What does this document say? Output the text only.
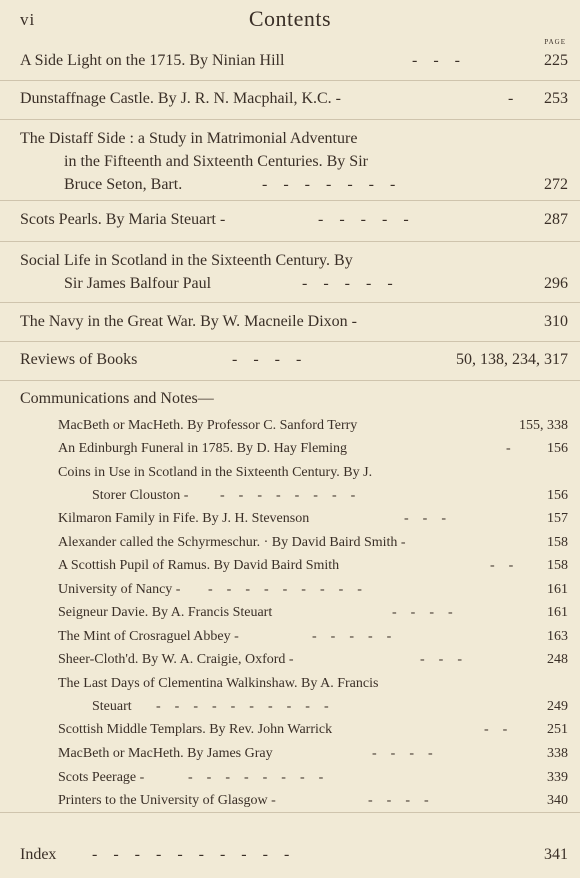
vi	Contents
PAGE
A Side Light on the 1715. By Ninian Hill	-    -    -	225
Dunstaffnage Castle. By J. R. N. Macphail, K.C. -	- 253
The Distaff Side : a Study in Matrimonial Adventure
in the Fifteenth and Sixteenth Centuries. By Sir
Bruce Seton, Bart.	-    -    -    -    -    -    -	272
Scots Pearls. By Maria Steuart -	-    -    -    -    -	287
Social Life in Scotland in the Sixteenth Century. By
Sir James Balfour Paul	-    -    -    -    -	296
The Navy in the Great War. By W. Macneile Dixon -	310
Reviews of Books	-    -    -    -	50, 138, 234, 317
Communications and Notes—
MacBeth or MacHeth. By Professor C. Sanford Terry	155, 338
An Edinburgh Funeral in 1785. By D. Hay Fleming	-	156
Coins in Use in Scotland in the Sixteenth Century. By J.
Storer Clouston - -    -    -    -    -    -    -    -	156
Kilmaron Family in Fife. By J. H. Stevenson	-    -    -	157
Alexander called the Schyrmeschur. · By David Baird Smith -	158
A Scottish Pupil of Ramus. By David Baird Smith	-    - 158
University of Nancy - -    -    -    -    -    -    -    -    -	161
Seigneur Davie. By A. Francis Steuart	-    -    -    -	161
The Mint of Crosraguel Abbey -	-    -    -    -    -	163
Sheer-Cloth'd. By W. A. Craigie, Oxford -	-    -    -	248
The Last Days of Clementina Walkinshaw. By A. Francis
Steuart -    -    -    -    -    -    -    -    -    -	249
Scottish Middle Templars. By Rev. John Warrick	-    -	251
MacBeth or MacHeth. By James Gray	-    -    -    -	338
Scots Peerage -	-    -    -    -    -    -    -    -	339
Printers to the University of Glasgow -	-    -    -    -	340
Index -    -    -    -    -    -    -    -    -    -	341
